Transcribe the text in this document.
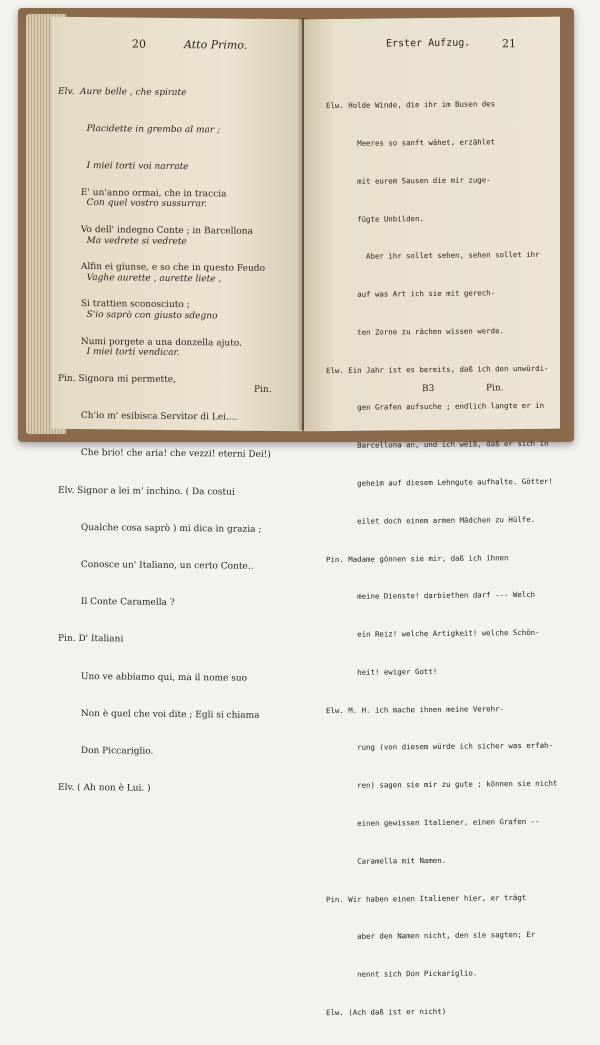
20	Atto Primo.

Elv.  Aure belle , che spirate

Placidette in grembo al mar ;

I miei torti voi narrate

Con quel vostro sussurrar.

Ma vedrete si vedrete

Vaghe aurette , aurette liete ,

S'io saprò con giusto sdegno

I miei torti vendicar.

E' un'anno ormai, che in traccia

Vo dell' indegno Conte ; in Barcellona

Alfin ei giunse, e so che in questo Feudo

Si trattien sconosciuto ;

Numi porgete a una donzella ajuto.

Pin. Signora mi permette,

Ch'io m' esibisca Servitor di Lei....

Che brio! che aria! che vezzi! eterni Dei!)

Elv. Signor a lei m' inchino. ( Da costui

Qualche cosa saprò ) mi dica in grazia ;

Conosce un' Italiano, un certo Conte..

Il Conte Caramella ?

Pin. D' Italiani

Uno ve abbiamo qui, ma il nome suo

Non è quel che voi dite ; Egli si chiama

Don Piccariglio.

Elv. ( Ah non è Lui. )

Pin.
Erster Aufzug.	21

Elw. Holde Winde, die ihr im Busen des

Meeres so sanft wähet, erzählet

mit eurem Sausen die mir zuge-

fügte Unbilden.

Aber ihr sollet sehen, sehen sollet ihr

auf was Art ich sie mit gerech-

ten Zorne zu rächen wissen werde.

Elw. Ein Jahr ist es bereits, daß ich den unwürdi-

gen Grafen aufsuche ; endlich langte er in

Barcellona an, und ich weiß, daß er sich in

geheim auf diesem Lehngute aufhalte. Götter!

eilet doch einem armen Mädchen zu Hülfe.

Pin. Madame gönnen sie mir, daß ich ihnen

meine Dienste! darbiethen darf --- Welch

ein Reiz! welche Artigkeit! welche Schön-

heit! ewiger Gott!

Elw. M. H. ich mache ihnen meine Verehr-

rung (von diesem würde ich sicher was erfah-

ren) sagen sie mir zu gute ; können sie nicht

einen gewissen Italiener, einen Grafen --

Caramella mit Namen.

Pin. Wir haben einen Italiener hier, er trägt

aber den Namen nicht, den sie sagten; Er

nennt sich Don Pickariglio.

Elw. (Ach daß ist er nicht)

B3	Pin.
